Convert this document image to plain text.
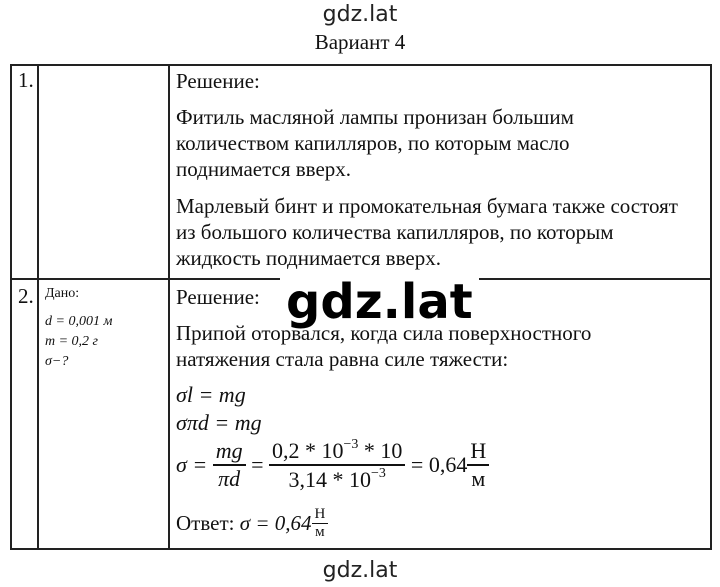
gdz.lat
Вариант 4
1.	Решение:
Фитиль масляной лампы пронизан большим
количеством капилляров, по которым масло
поднимается вверх.
Марлевый бинт и промокательная бумага также состоят
из большого количества капилляров, по которым
жидкость поднимается вверх.
2. Дано:
d = 0,001 м
m = 0,2 г
σ−?
Решение: gdz.lat
Припой оторвался, когда сила поверхностного
натяжения стала равна силе тяжести:
σl = mg
σπd = mg
$\sigma = \frac{mg}{\pi d} = \frac{0,2 * 10^{-3} * 10}{3,14 * 10^{-3}} = 0,64 \frac{Н}{м}$
Ответ: $\sigma = 0,64 \frac{Н}{м}$
gdz.lat
